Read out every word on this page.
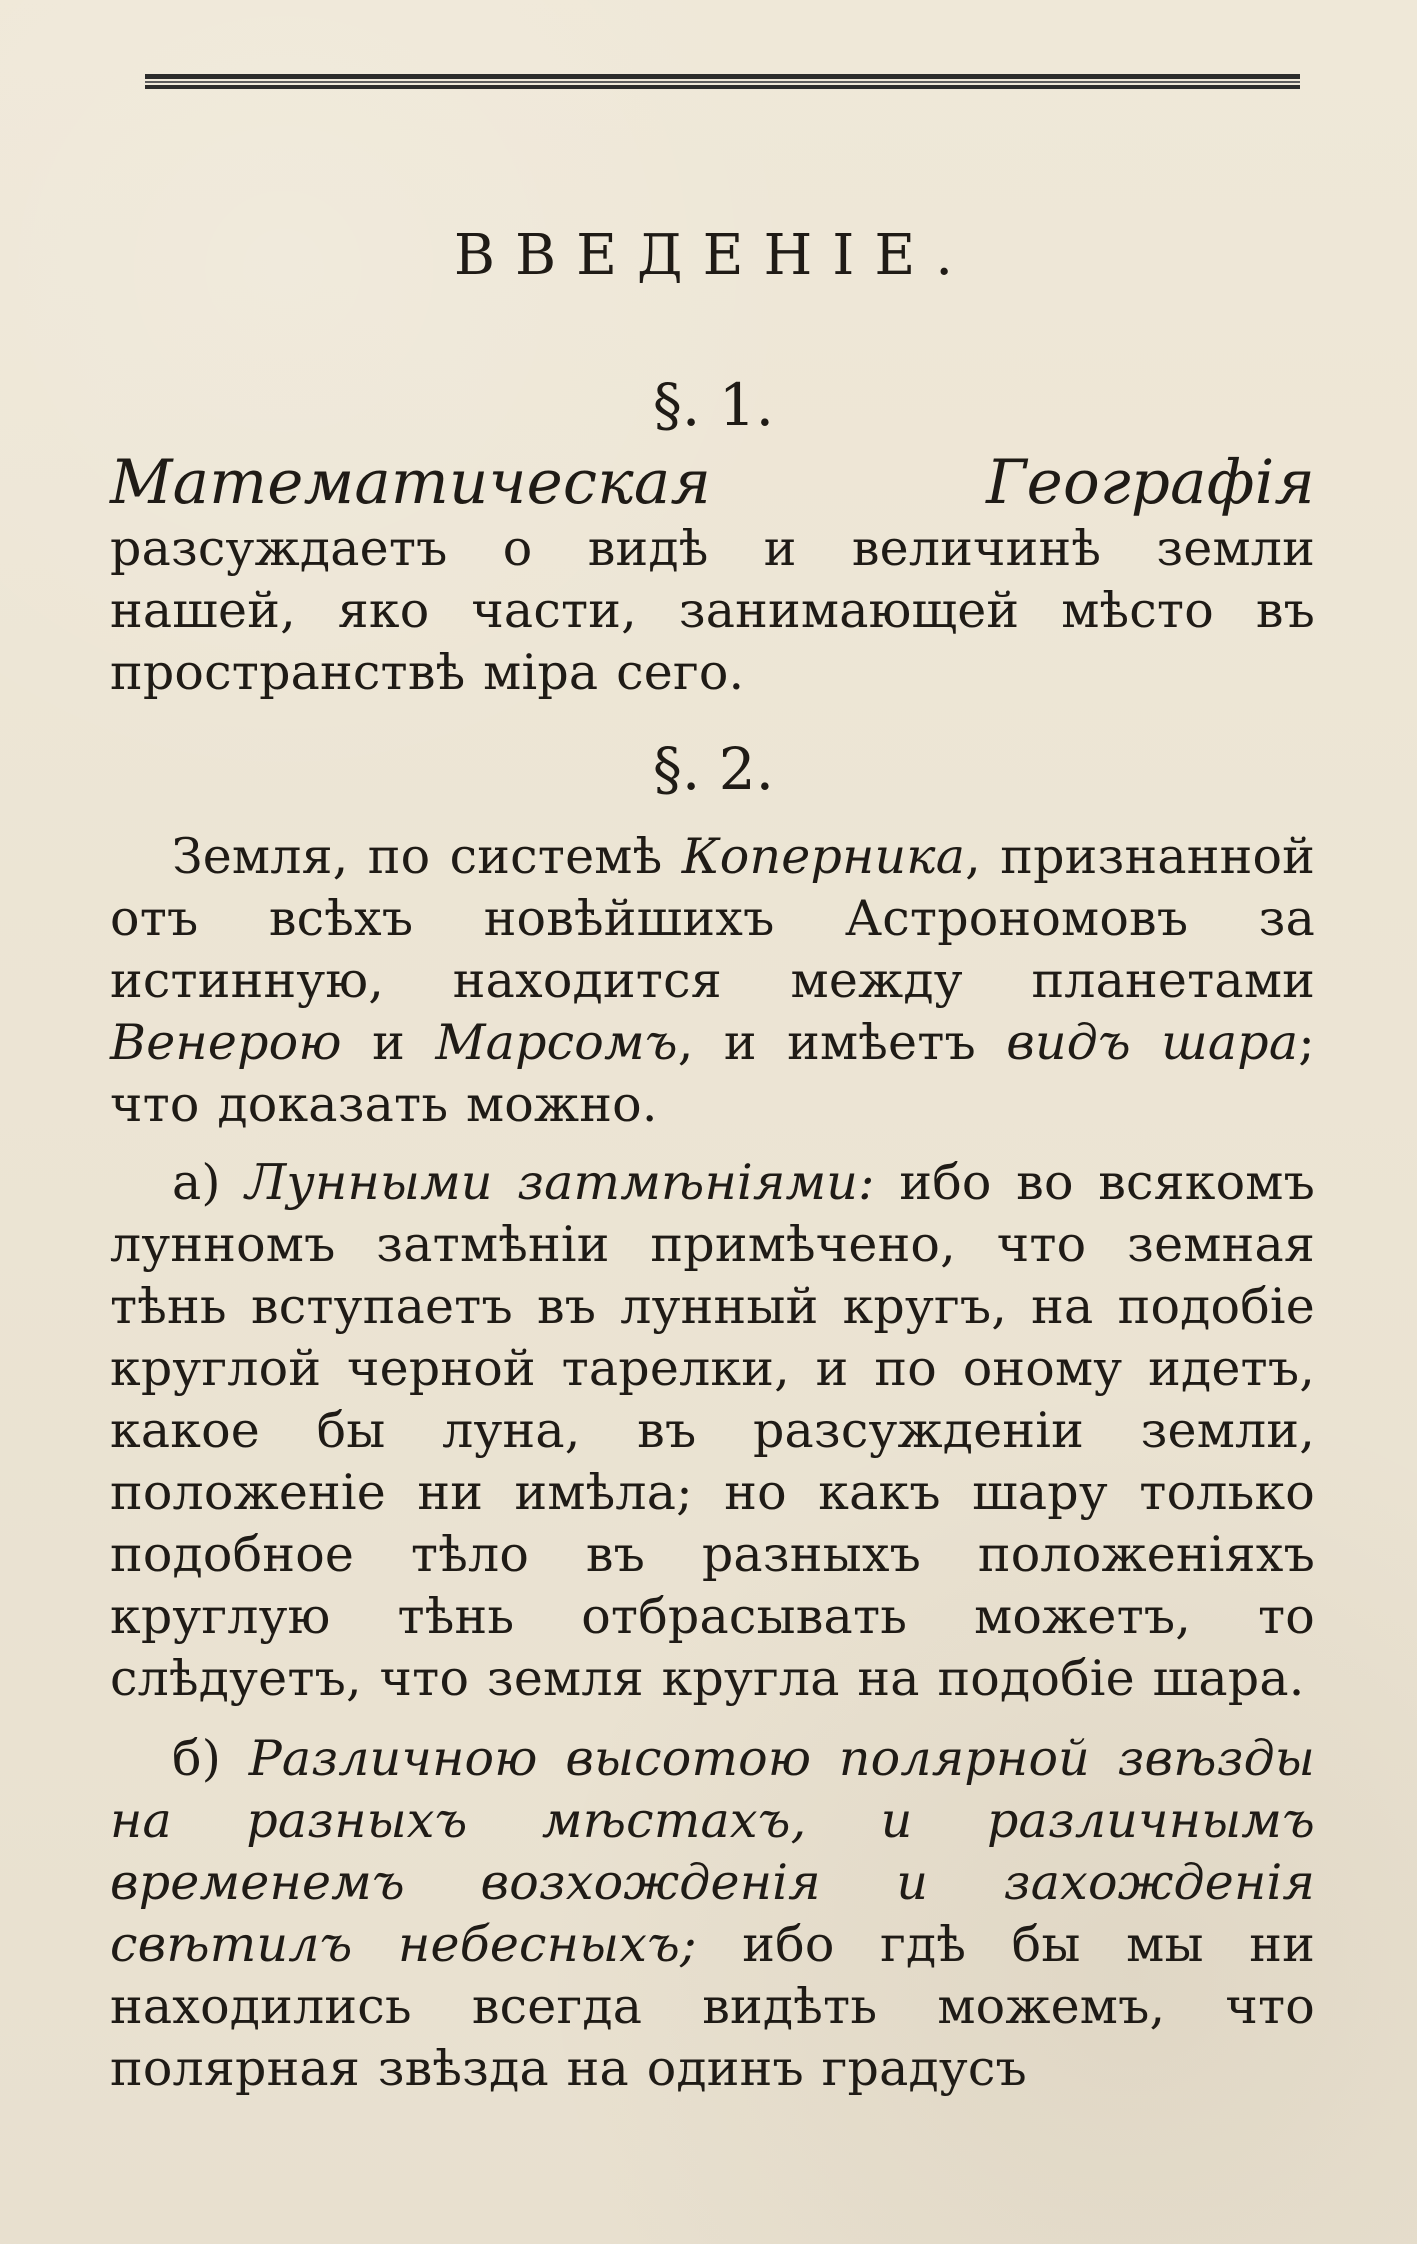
ВВЕДЕНІЕ.
§. 1.

Математическая Географія разсуждаетъ о видѣ и величинѣ земли нашей, яко части, занимающей мѣсто въ пространствѣ міра сего.

§. 2.

Земля, по системѣ Коперника, признанной отъ всѣхъ новѣйшихъ Астрономовъ за истинную, находится между планетами Венерою и Марсомъ, и имѣетъ видъ шара; что доказать можно.

а) Лунными затмѣніями: ибо во всякомъ лунномъ затмѣніи примѣчено, что земная тѣнь вступаетъ въ лунный кругъ, на подобіе круглой черной тарелки, и по оному идетъ, какое бы луна, въ разсужденіи земли, положеніе ни имѣла; но какъ шару только подобное тѣло въ разныхъ положеніяхъ круглую тѣнь отбрасывать можетъ, то слѣдуетъ, что земля кругла на подобіе шара.

б) Различною высотою полярной звѣзды на разныхъ мѣстахъ, и различнымъ временемъ возхожденія и захожденія свѣтилъ небесныхъ; ибо гдѣ бы мы ни находились всегда видѣть можемъ, что полярная звѣзда на одинъ градусъ
